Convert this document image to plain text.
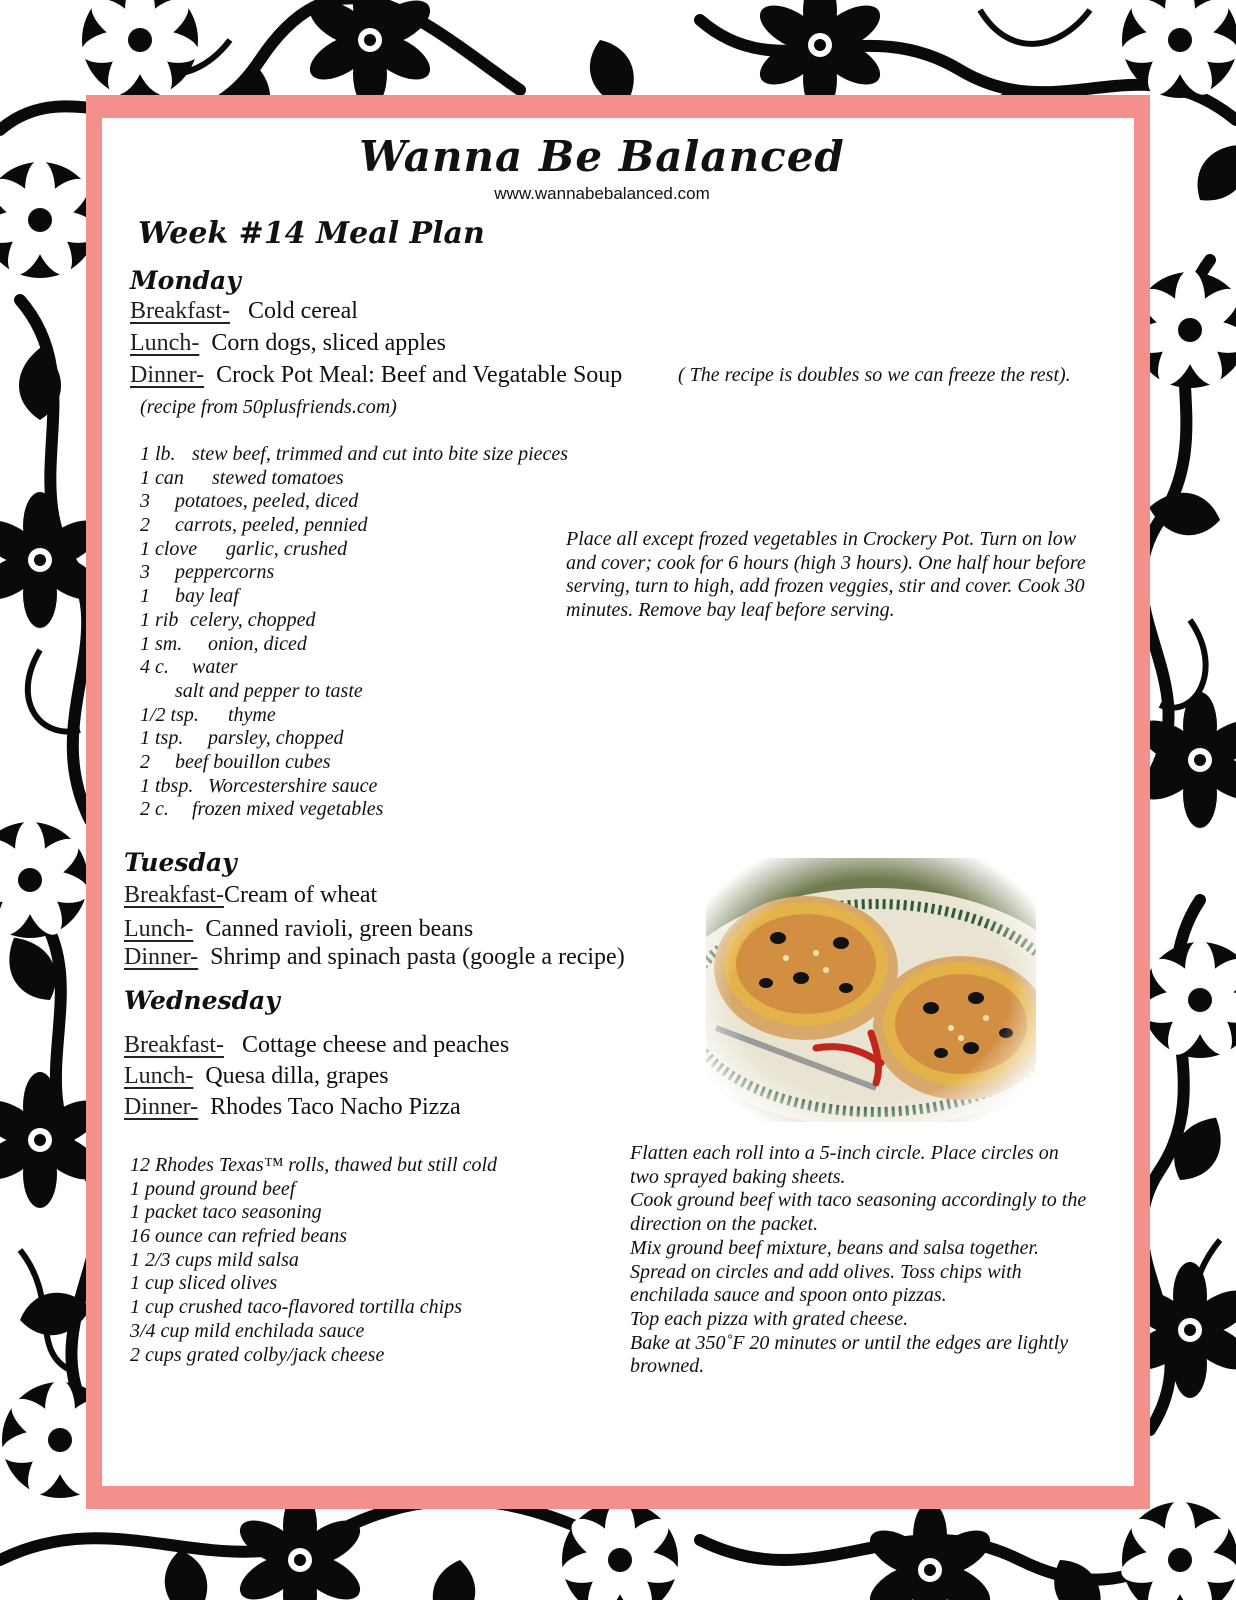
Wanna Be Balanced
www.wannabebalanced.com
Week #14 Meal Plan
Monday
Breakfast- Cold cereal
Lunch- Corn dogs, sliced apples
Dinner- Crock Pot Meal: Beef and Vegatable Soup	( The recipe is doubles so we can freeze the rest).
(recipe from 50plusfriends.com)
1 lb. stew beef, trimmed and cut into bite size pieces
1 can stewed tomatoes
3 potatoes, peeled, diced
2 carrots, peeled, pennied
1 clove garlic, crushed
3 peppercorns
1 bay leaf
1 rib celery, chopped
1 sm. onion, diced
4 c. water
salt and pepper to taste
1/2 tsp. thyme
1 tsp. parsley, chopped
2 beef bouillon cubes
1 tbsp. Worcestershire sauce
2 c. frozen mixed vegetables
Place all except frozed vegetables in Crockery Pot. Turn on low and cover; cook for 6 hours (high 3 hours). One half hour before serving, turn to high, add frozen veggies, stir and cover. Cook 30 minutes. Remove bay leaf before serving.
Tuesday
Breakfast-Cream of wheat
Lunch- Canned ravioli, green beans
Dinner- Shrimp and spinach pasta (google a recipe)
Wednesday
Breakfast- Cottage cheese and peaches
Lunch- Quesa dilla, grapes
Dinner- Rhodes Taco Nacho Pizza
12 Rhodes Texas™ rolls, thawed but still cold
1 pound ground beef
1 packet taco seasoning
16 ounce can refried beans
1 2/3 cups mild salsa
1 cup sliced olives
1 cup crushed taco-flavored tortilla chips
3/4 cup mild enchilada sauce
2 cups grated colby/jack cheese
Flatten each roll into a 5-inch circle. Place circles on two sprayed baking sheets.
Cook ground beef with taco seasoning accordingly to the direction on the packet.
Mix ground beef mixture, beans and salsa together.
Spread on circles and add olives. Toss chips with enchilada sauce and spoon onto pizzas.
Top each pizza with grated cheese.
Bake at 350˚F 20 minutes or until the edges are lightly browned.
